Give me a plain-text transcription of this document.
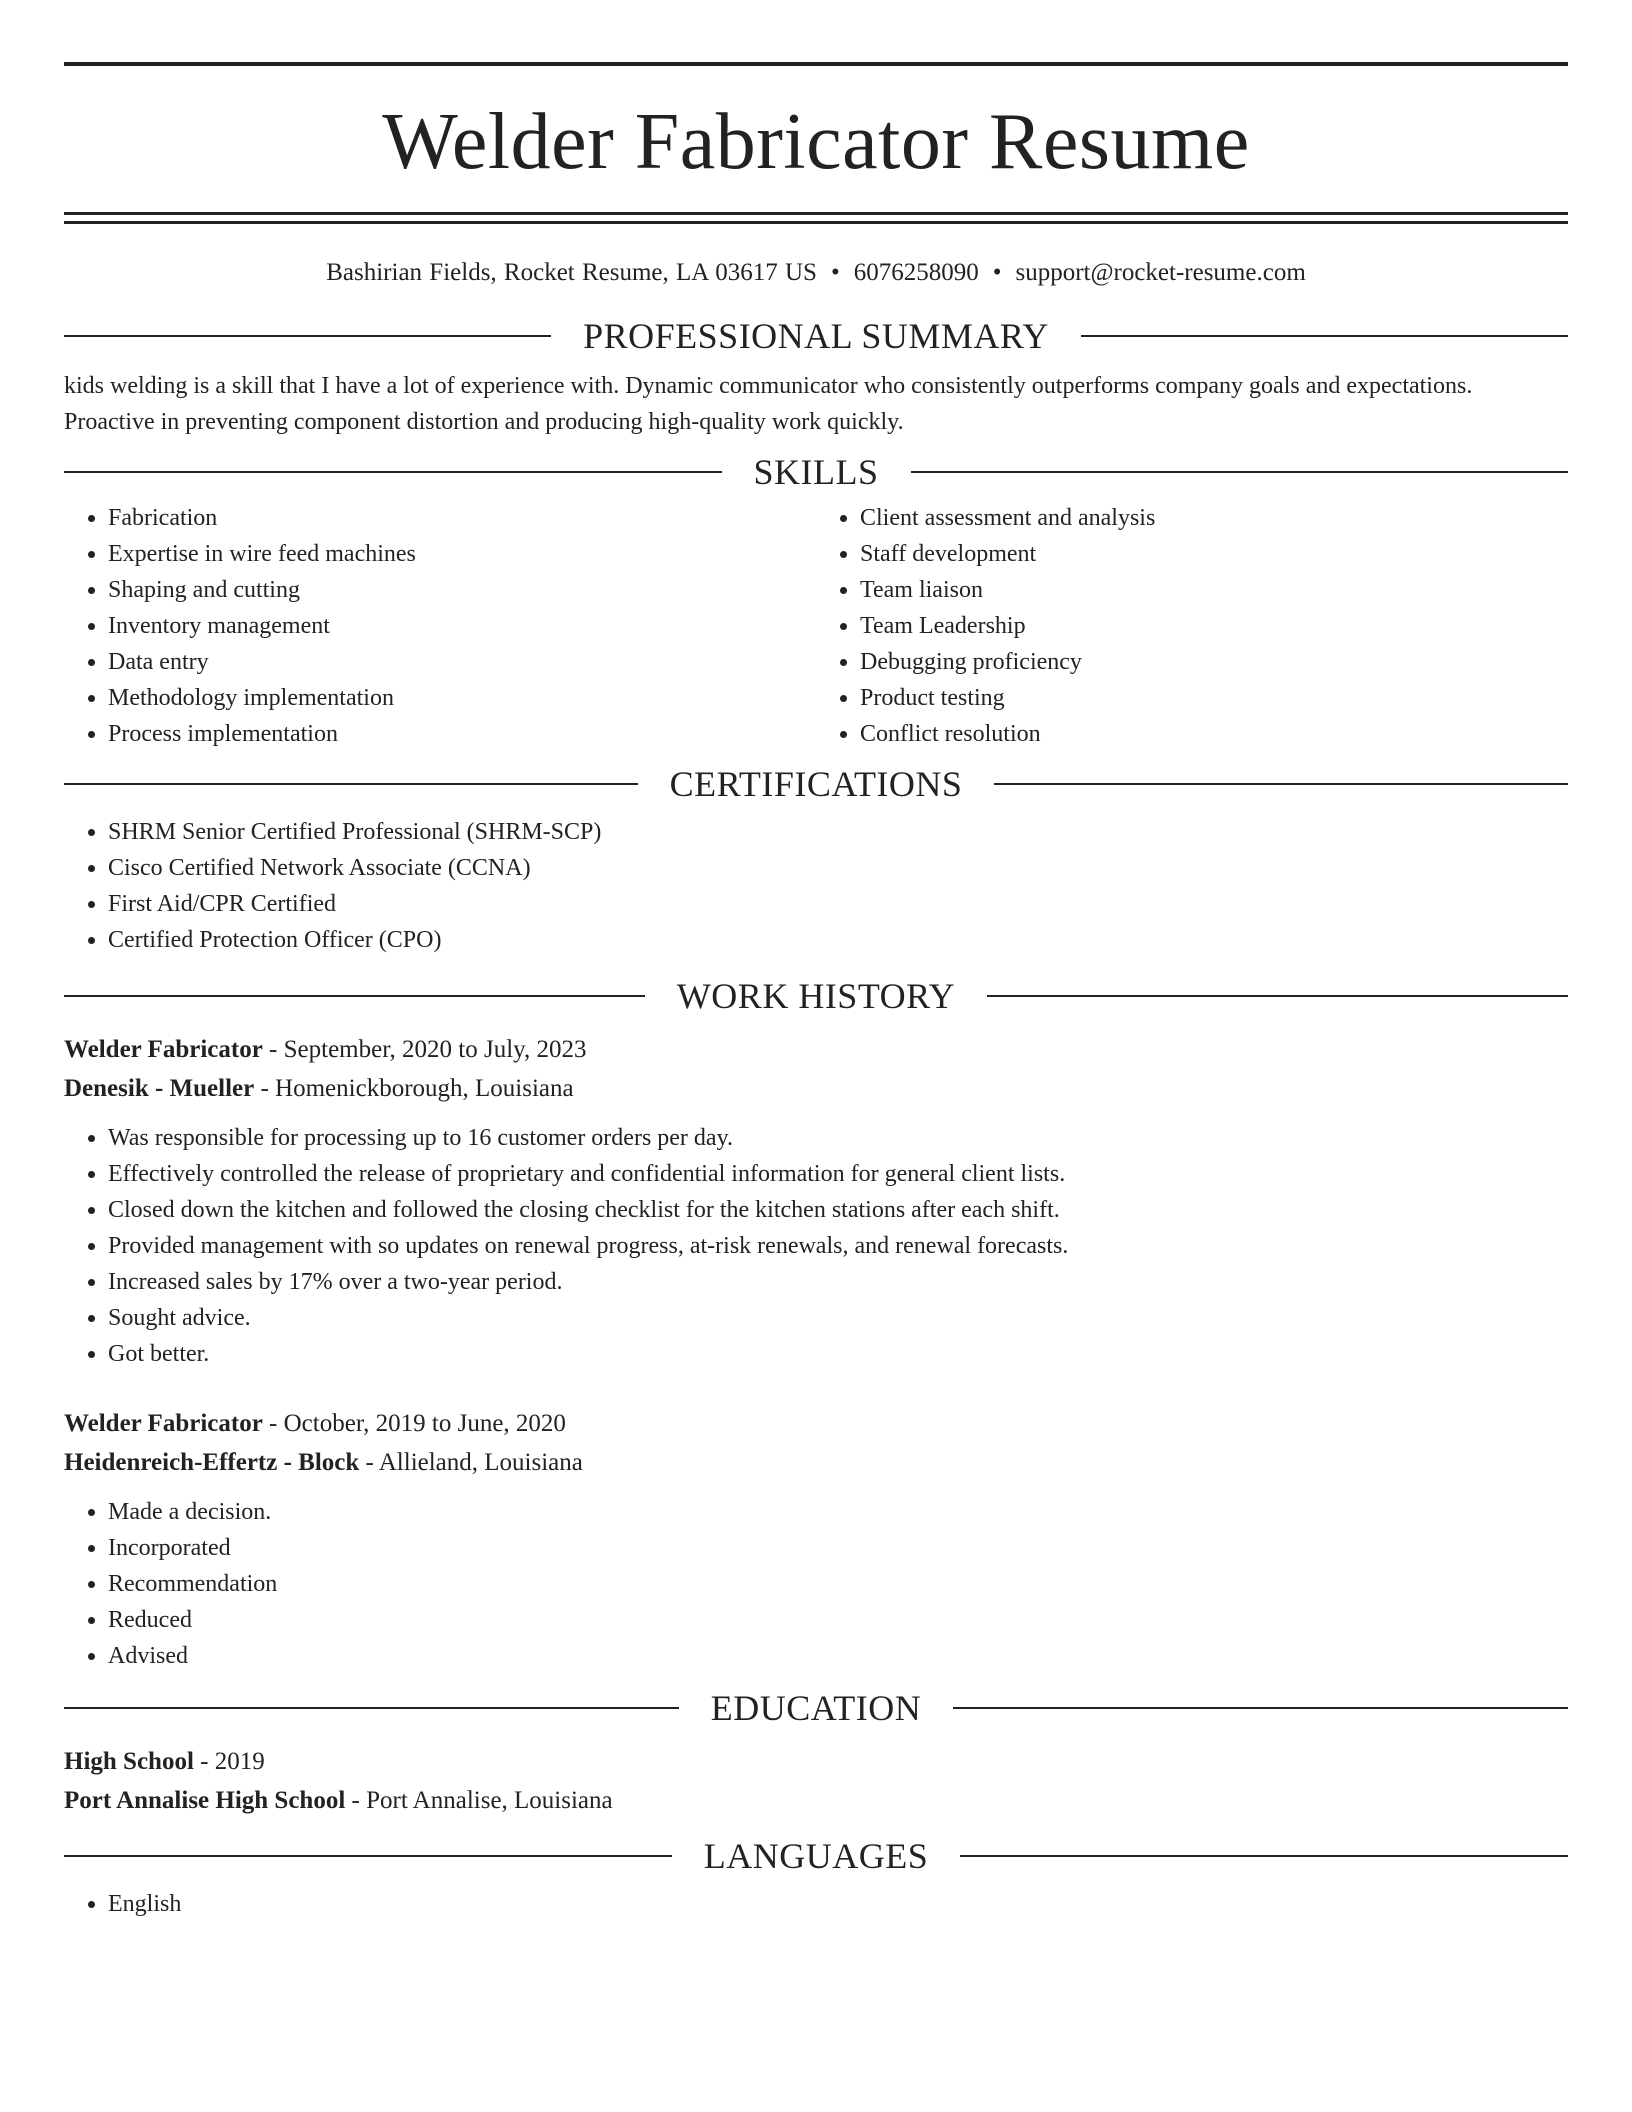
Welder Fabricator Resume
Bashirian Fields, Rocket Resume, LA 03617 US • 6076258090 • support@rocket-resume.com
PROFESSIONAL SUMMARY

kids welding is a skill that I have a lot of experience with. Dynamic communicator who consistently outperforms company goals and expectations. Proactive in preventing component distortion and producing high-quality work quickly.

SKILLS
• Fabrication
• Expertise in wire feed machines
• Shaping and cutting
• Inventory management
• Data entry
• Methodology implementation
• Process implementation
• Client assessment and analysis
• Staff development
• Team liaison
• Team Leadership
• Debugging proficiency
• Product testing
• Conflict resolution
CERTIFICATIONS
• SHRM Senior Certified Professional (SHRM-SCP)
• Cisco Certified Network Associate (CCNA)
• First Aid/CPR Certified
• Certified Protection Officer (CPO)
WORK HISTORY
Welder Fabricator - September, 2020 to July, 2023
Denesik - Mueller - Homenickborough, Louisiana
• Was responsible for processing up to 16 customer orders per day.
• Effectively controlled the release of proprietary and confidential information for general client lists.
• Closed down the kitchen and followed the closing checklist for the kitchen stations after each shift.
• Provided management with so updates on renewal progress, at-risk renewals, and renewal forecasts.
• Increased sales by 17% over a two-year period.
• Sought advice.
• Got better.
Welder Fabricator - October, 2019 to June, 2020
Heidenreich-Effertz - Block - Allieland, Louisiana
• Made a decision.
• Incorporated
• Recommendation
• Reduced
• Advised
EDUCATION
High School - 2019
Port Annalise High School - Port Annalise, Louisiana
LANGUAGES
• English
